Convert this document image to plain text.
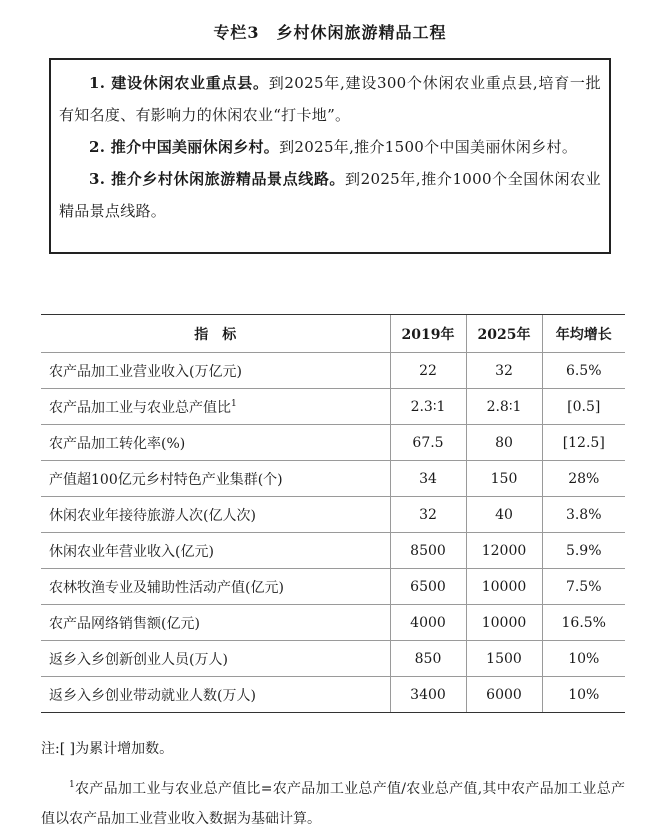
专栏3　乡村休闲旅游精品工程

1. 建设休闲农业重点县。到2025年,建设300个休闲农业重点县,培育一批有知名度、有影响力的休闲农业“打卡地”。

2. 推介中国美丽休闲乡村。到2025年,推介1500个中国美丽休闲乡村。

3. 推介乡村休闲旅游精品景点线路。到2025年,推介1000个全国休闲农业精品景点线路。

指　标	2019年	2025年	年均增长
农产品加工业营业收入(万亿元)	22	32	6.5%
农产品加工业与农业总产值比$^1$	2.3∶1	2.8∶1	[0.5]
农产品加工转化率(%)	67.5	80	[12.5]
产值超100亿元乡村特色产业集群(个)	34	150	28%
休闲农业年接待旅游人次(亿人次)	32	40	3.8%
休闲农业年营业收入(亿元)	8500	12000	5.9%
农林牧渔专业及辅助性活动产值(亿元)	6500	10000	7.5%
农产品网络销售额(亿元)	4000	10000	16.5%
返乡入乡创新创业人员(万人)	850	1500	10%
返乡入乡创业带动就业人数(万人)	3400	6000	10%
注:[ ]为累计增加数。
$^1$农产品加工业与农业总产值比=农产品加工业总产值/农业总产值,其中农产品加工业总产值以农产品加工业营业收入数据为基础计算。
